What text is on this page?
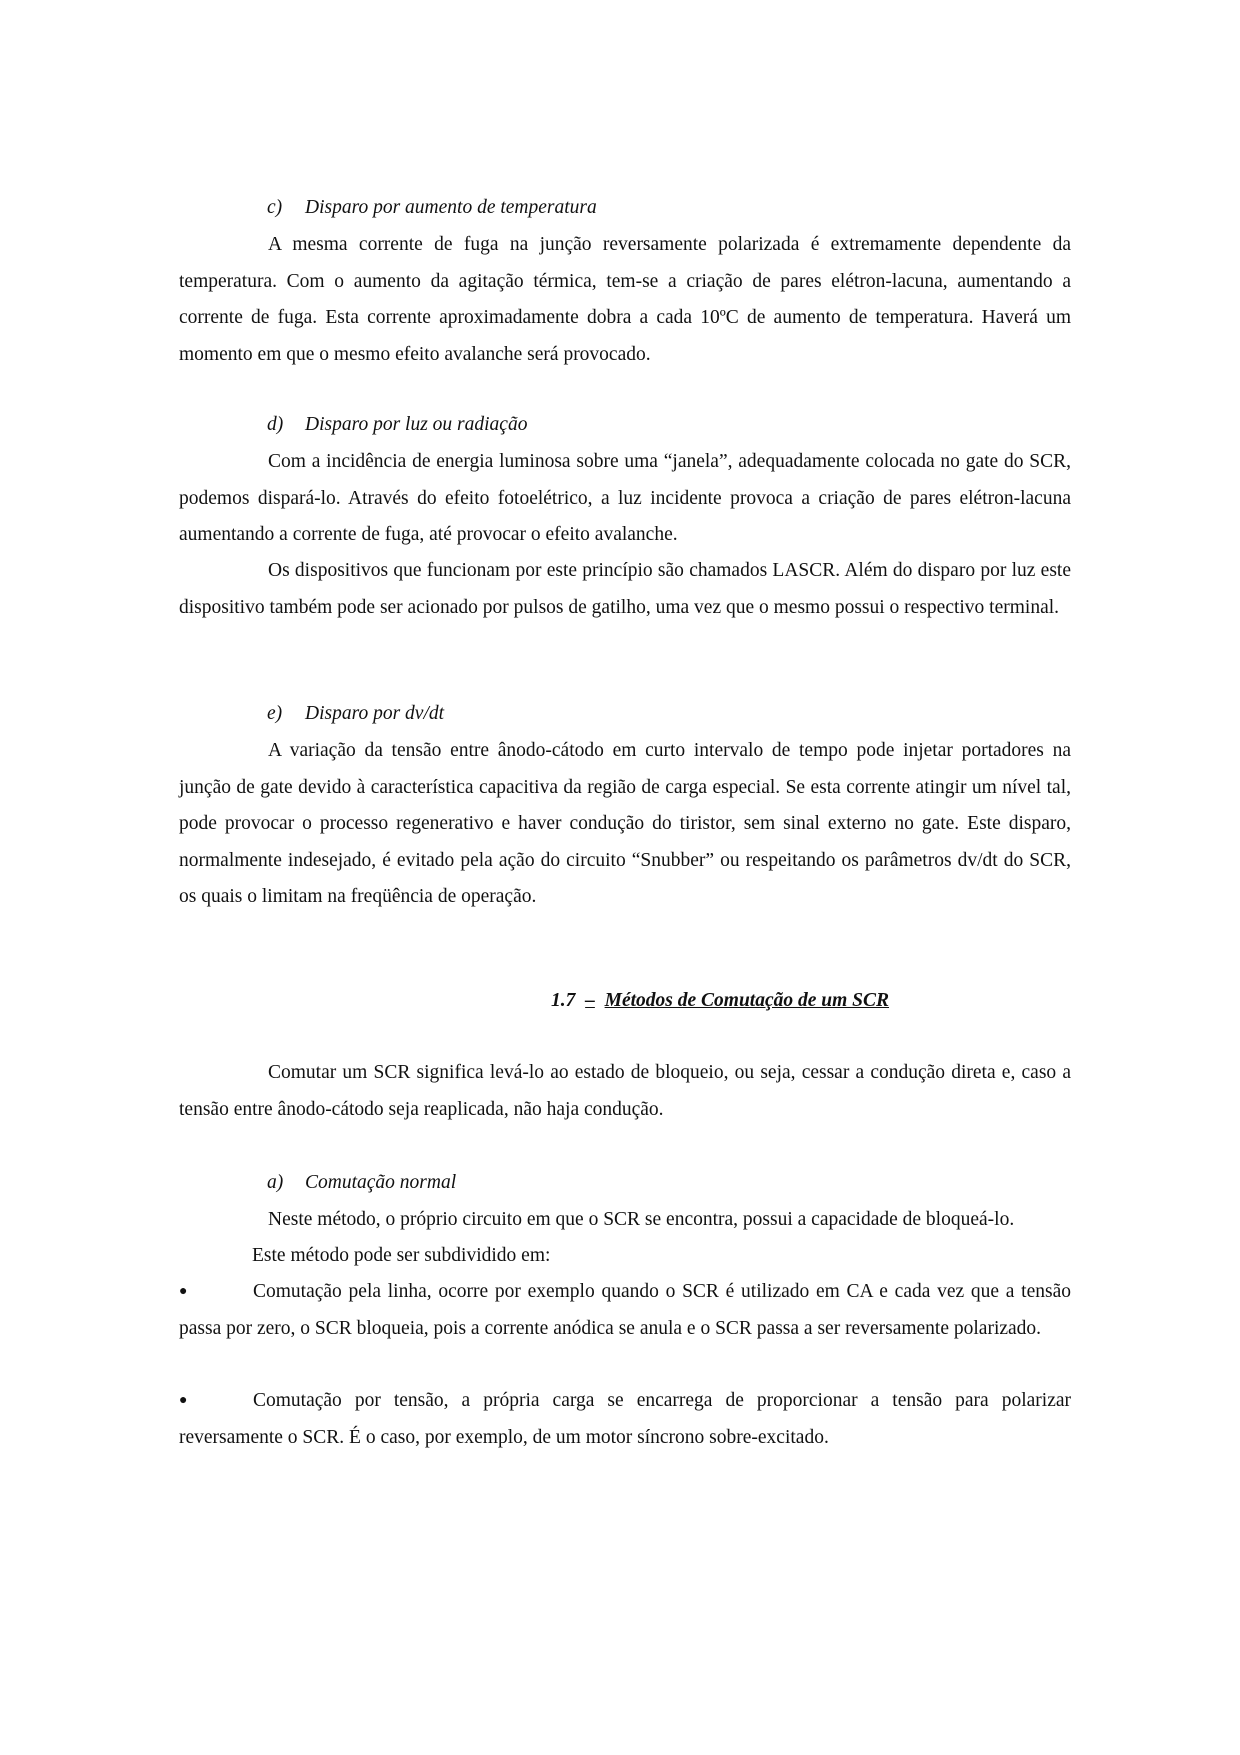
c) Disparo por aumento de temperatura

A mesma corrente de fuga na junção reversamente polarizada é extremamente dependente da temperatura. Com o aumento da agitação térmica, tem-se a criação de pares elétron-lacuna, aumentando a corrente de fuga. Esta corrente aproximadamente dobra a cada 10ºC de aumento de temperatura. Haverá um momento em que o mesmo efeito avalanche será provocado.

d) Disparo por luz ou radiação

Com a incidência de energia luminosa sobre uma “janela”, adequadamente colocada no gate do SCR, podemos dispará-lo. Através do efeito fotoelétrico, a luz incidente provoca a criação de pares elétron-lacuna aumentando a corrente de fuga, até provocar o efeito avalanche.

Os dispositivos que funcionam por este princípio são chamados LASCR. Além do disparo por luz este dispositivo também pode ser acionado por pulsos de gatilho, uma vez que o mesmo possui o respectivo terminal.

e) Disparo por dv/dt

A variação da tensão entre ânodo-cátodo em curto intervalo de tempo pode injetar portadores na junção de gate devido à característica capacitiva da região de carga especial. Se esta corrente atingir um nível tal, pode provocar o processo regenerativo e haver condução do tiristor, sem sinal externo no gate. Este disparo, normalmente indesejado, é evitado pela ação do circuito “Snubber” ou respeitando os parâmetros dv/dt do SCR, os quais o limitam na freqüência de operação.

1.7 – Métodos de Comutação de um SCR

Comutar um SCR significa levá-lo ao estado de bloqueio, ou seja, cessar a condução direta e, caso a tensão entre ânodo-cátodo seja reaplicada, não haja condução.

a) Comutação normal

Neste método, o próprio circuito em que o SCR se encontra, possui a capacidade de bloqueá-lo.

Este método pode ser subdividido em:

●	Comutação pela linha, ocorre por exemplo quando o SCR é utilizado em CA e cada vez que a tensão passa por zero, o SCR bloqueia, pois a corrente anódica se anula e o SCR passa a ser reversamente polarizado.

●	Comutação por tensão, a própria carga se encarrega de proporcionar a tensão para polarizar reversamente o SCR. É o caso, por exemplo, de um motor síncrono sobre-excitado.
